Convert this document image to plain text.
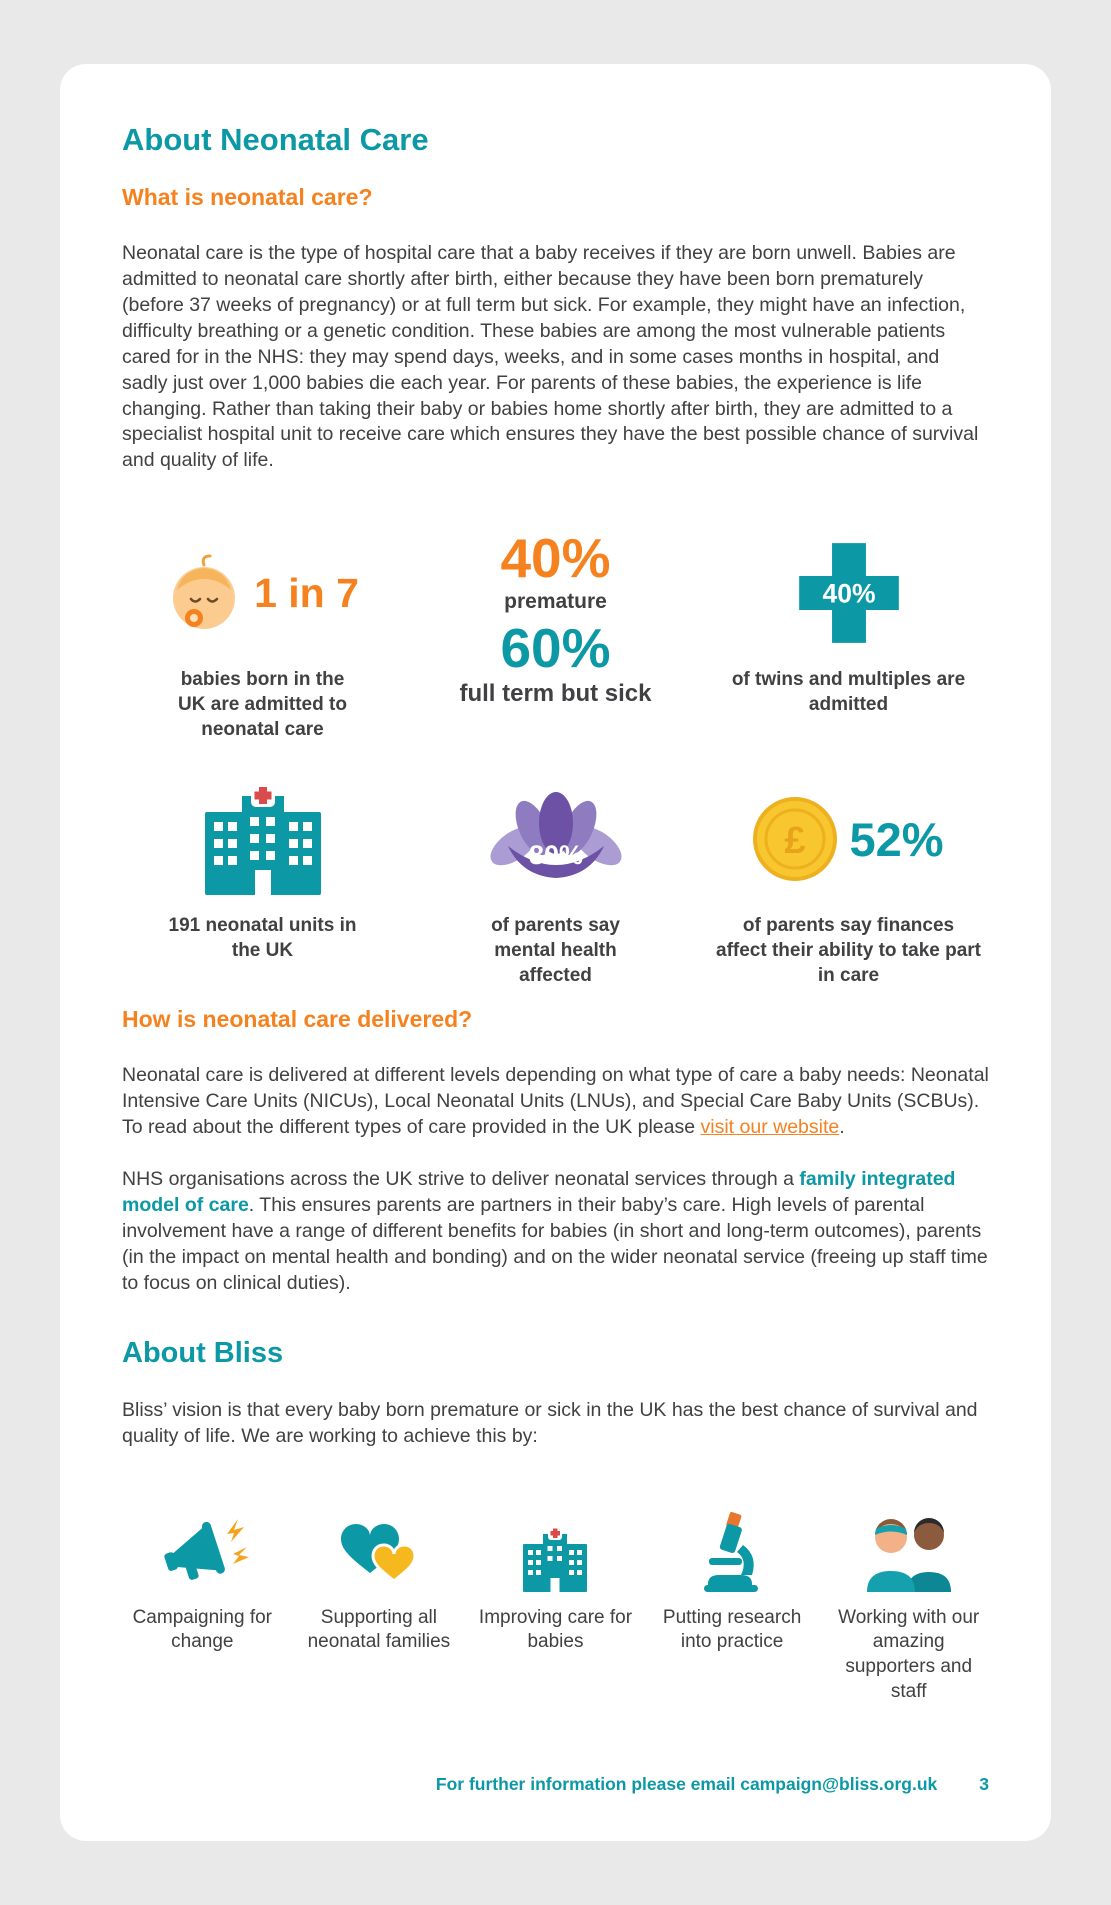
About Neonatal Care
What is neonatal care?

Neonatal care is the type of hospital care that a baby receives if they are born unwell. Babies are admitted to neonatal care shortly after birth, either because they have been born prematurely (before 37 weeks of pregnancy) or at full term but sick. For example, they might have an infection, difficulty breathing or a genetic condition. These babies are among the most vulnerable patients cared for in the NHS: they may spend days, weeks, and in some cases months in hospital, and sadly just over 1,000 babies die each year. For parents of these babies, the experience is life changing. Rather than taking their baby or babies home shortly after birth, they are admitted to a specialist hospital unit to receive care which ensures they have the best possible chance of survival and quality of life.

1 in 7
babies born in the UK are admitted to neonatal care
40%
premature
60%
full term but sick
40%
of twins and multiples are admitted
191 neonatal units in the UK
80%
of parents say mental health affected
£ 52%
of parents say finances affect their ability to take part in care
How is neonatal care delivered?

Neonatal care is delivered at different levels depending on what type of care a baby needs: Neonatal Intensive Care Units (NICUs), Local Neonatal Units (LNUs), and Special Care Baby Units (SCBUs). To read about the different types of care provided in the UK please visit our website.

NHS organisations across the UK strive to deliver neonatal services through a family integrated model of care. This ensures parents are partners in their baby’s care. High levels of parental involvement have a range of different benefits for babies (in short and long-term outcomes), parents (in the impact on mental health and bonding) and on the wider neonatal service (freeing up staff time to focus on clinical duties).

About Bliss

Bliss’ vision is that every baby born premature or sick in the UK has the best chance of survival and quality of life. We are working to achieve this by:

Campaigning for change
Supporting all neonatal families
Improving care for babies
Putting research into practice
Working with our amazing supporters and staff
For further information please email campaign@bliss.org.uk 3
